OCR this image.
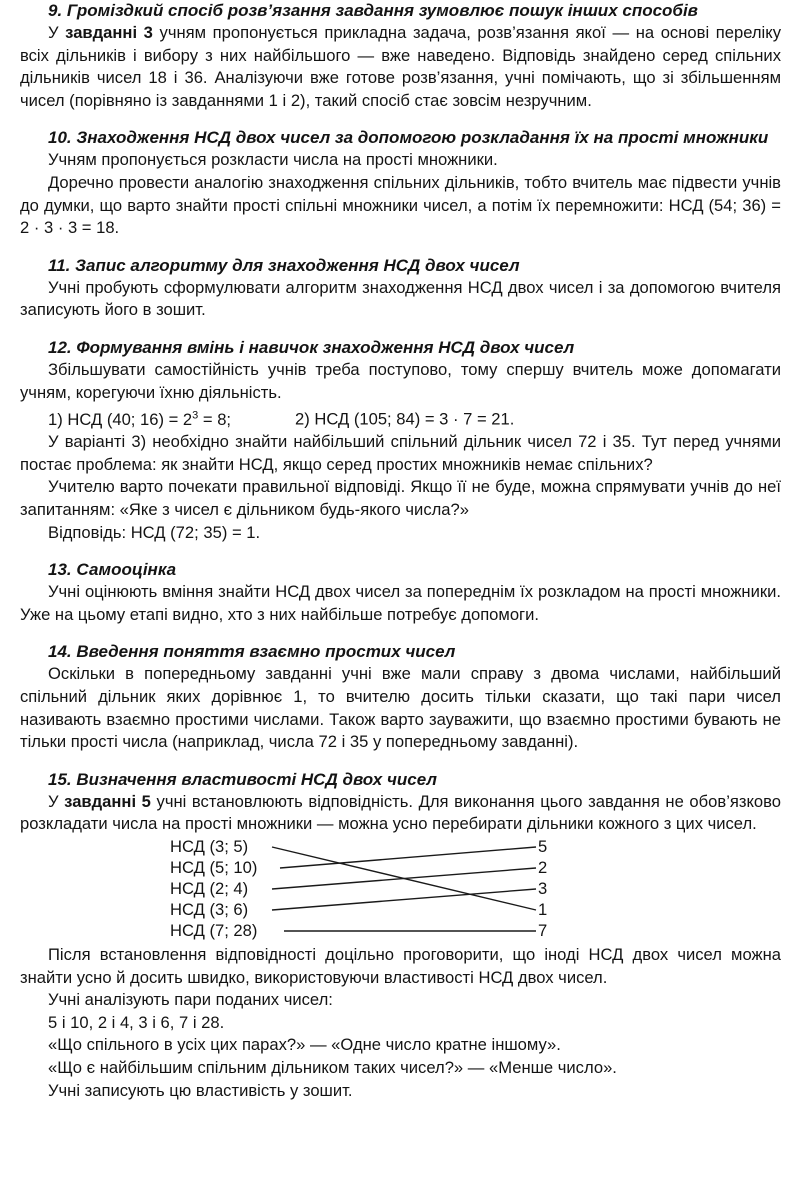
9. Громіздкий спосіб розв’язання завдання зумовлює пошук інших способів

У завданні 3 учням пропонується прикладна задача, розв’язання якої — на основі переліку всіх дільників і вибору з них найбільшого — вже наведено. Відповідь знайдено серед спільних дільників чисел 18 і 36. Аналізуючи вже готове розв’язання, учні помічають, що зі збільшенням чисел (порівняно із завданнями 1 і 2), такий спосіб стає зовсім незручним.

10. Знаходження НСД двох чисел за допомогою розкладання їх на прості множники

Учням пропонується розкласти числа на прості множники.

Доречно провести аналогію знаходження спільних дільників, тобто вчитель має підвести учнів до думки, що варто знайти прості спільні множники чисел, а потім їх перемножити: НСД (54; 36) = 2 · 3 · 3 = 18.

11. Запис алгоритму для знаходження НСД двох чисел

Учні пробують сформулювати алгоритм знаходження НСД двох чисел і за допомогою вчителя записують його в зошит.

12. Формування вмінь і навичок знаходження НСД двох чисел

Збільшувати самостійність учнів треба поступово, тому спершу вчитель може допомагати учням, корегуючи їхню діяльність.

1) НСД (40; $16) = 2^3 = 8$;	2) НСД (105; 84) = 3 · 7 = 21.

У варіанті 3) необхідно знайти найбільший спільний дільник чисел 72 і 35. Тут перед учнями постає проблема: як знайти НСД, якщо серед простих множників немає спільних?

Учителю варто почекати правильної відповіді. Якщо її не буде, можна спрямувати учнів до неї запитанням: «Яке з чисел є дільником будь-якого числа?»

Відповідь: НСД (72; 35) = 1.

13. Самооцінка

Учні оцінюють вміння знайти НСД двох чисел за попереднім їх розкладом на прості множники. Уже на цьому етапі видно, хто з них найбільше потребує допомоги.

14. Введення поняття взаємно простих чисел

Оскільки в попередньому завданні учні вже мали справу з двома числами, найбільший спільний дільник яких дорівнює 1, то вчителю досить тільки сказати, що такі пари чисел називають взаємно простими числами. Також варто зауважити, що взаємно простими бувають не тільки прості числа (наприклад, числа 72 і 35 у попередньому завданні).

15. Визначення властивості НСД двох чисел

У завданні 5 учні встановлюють відповідність. Для виконання цього завдання не обов’язково розкладати числа на прості множники — можна усно перебирати дільники кожного з цих чисел.

НСД (3; 5)
НСД (5; 10)
НСД (2; 4)
НСД (3; 6)
НСД (7; 28)
5
2
3
1
7

Після встановлення відповідності доцільно проговорити, що іноді НСД двох чисел можна знайти усно й досить швидко, використовуючи властивості НСД двох чисел.

Учні аналізують пари поданих чисел:

5 і 10, 2 і 4, 3 і 6, 7 і 28.

«Що спільного в усіх цих парах?» — «Одне число кратне іншому».

«Що є найбільшим спільним дільником таких чисел?» — «Менше число».

Учні записують цю властивість у зошит.
